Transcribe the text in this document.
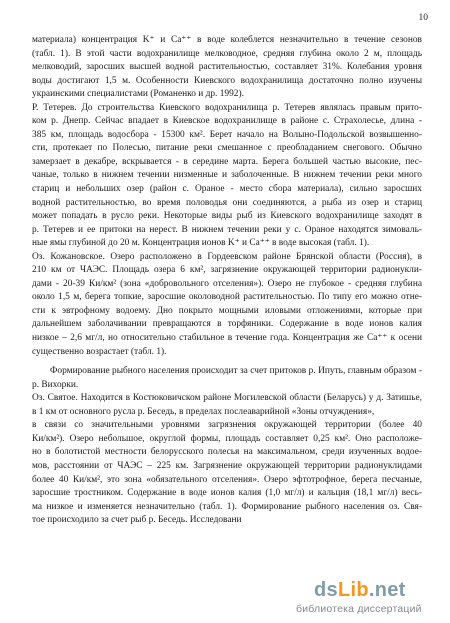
10
материала) концентрация K⁺ и Ca⁺⁺ в воде колеблется незначительно в течение сезонов
(табл. 1). В этой части водохранилище мелководное, средняя глубина около 2 м, площадь
мелководий, заросших высшей водной растительностью, составляет 31%. Колебания уровня
воды достигают 1,5 м. Особенности Киевского водохранилища достаточно полно изучены
украинскими специалистами (Романенко и др. 1992).
Р. Тетерев. До строительства Киевского водохранилища р. Тетерев являлась правым прито-
ком р. Днепр. Сейчас впадает в Киевское водохранилище в районе с. Страхолесье, длина -
385 км, площадь водосбора - 15300 км². Берет начало на Волыно-Подольской возвышенно-
сти, протекает по Полесью, питание реки смешанное с преобладанием снегового. Обычно
замерзает в декабре, вскрывается - в середине марта. Берега большей частью высокие, пес-
чаные, только в нижнем течении низменные и заболоченные. В нижнем течении реки много
стариц и небольших озер (район с. Ораное - место сбора материала), сильно заросших
водной растительностью, во время половодья они соединяются, а рыба из озер и стариц
может попадать в русло реки. Некоторые виды рыб из Киевского водохранилище заходят в
р. Тетерев и ее притоки на нерест. В нижнем течении реки у с. Ораное находятся зимоваль-
ные ямы глубиной до 20 м. Концентрация ионов K⁺ и Ca⁺⁺ в воде высокая (табл. 1).
Оз. Кожановское. Озеро расположено в Гордеевском районе Брянской области (Россия), в
210 км от ЧАЭС. Площадь озера 6 км², загрязнение окружающей территории радионукли-
дами - 20-39 Ки/км² (зона «добровольного отселения»). Озеро не глубокое - средняя глубина
около 1,5 м, берега топкие, заросшие околоводной растительностью. По типу его можно отне-
сти к эвтрофному водоему. Дно покрыто мощными иловыми отложениями, которые при
дальнейшем заболачивании превращаются в торфяники. Содержание в воде ионов калия
низкое – 2,6 мг/л, но относительно стабильное в течение года. Концентрация же Ca⁺⁺ к осени
существенно возрастает (табл. 1).
Формирование рыбного населения происходит за счет притоков р. Ипуть, главным образом - р. Вихорки.
Оз. Святое. Находится в Костюковичском районе Могилевской области (Беларусь) у д. Затишье, в 1 км от основного русла р. Беседь, в пределах послеаварийной «Зоны отчуждения»,
в связи со значительными уровнями загрязнения окружающей территории (более 40
Ки/км²). Озеро небольшое, округлой формы, площадь составляет 0,25 км². Оно расположе-
но в болотистой местности белорусского полесья на максимальном, среди изученных водое-
мов, расстоянии от ЧАЭС – 225 км. Загрязнение окружающей территории радионуклидами
более 40 Ки/км², это зона «обязательного отселения». Озеро эфтотрофное, берега песчаные,
заросшие тростником. Содержание в воде ионов калия (1,0 мг/л) и кальция (18,1 мг/л) весь-
ма низкое и изменяется незначительно (табл. 1). Формирование рыбного населения оз. Свя-
тое происходило за счет рыб р. Беседь. Исследовани
dsLib.net
библиотека диссертаций
